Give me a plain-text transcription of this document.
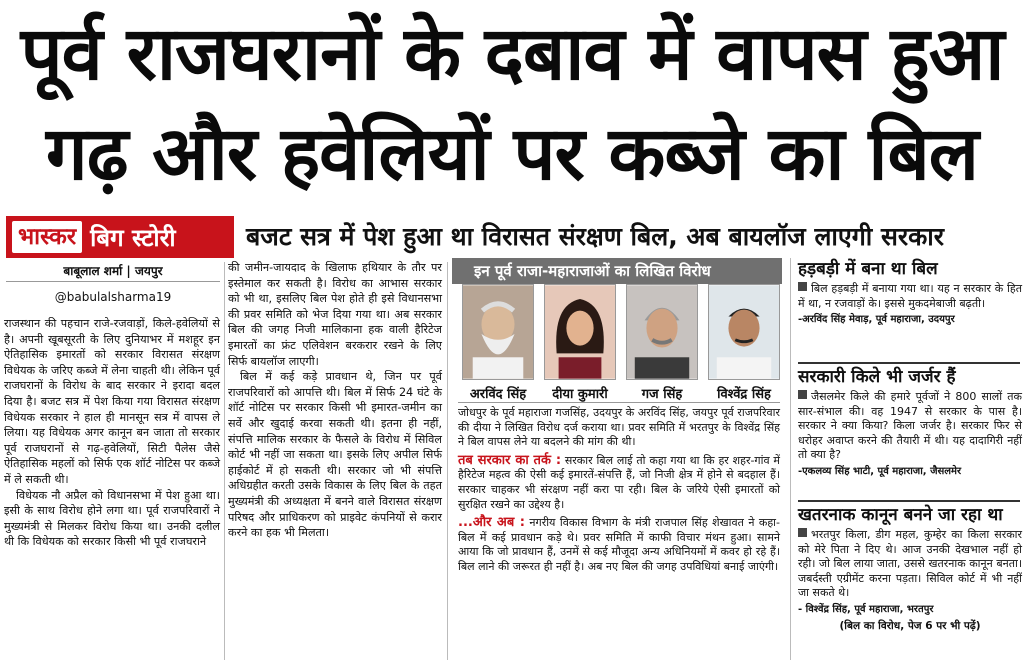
पूर्व राजघरानों के दबाव में वापस हुआ
गढ़ और हवेलियों पर कब्जे का बिल
भास्कर बिग स्टोरी	बजट सत्र में पेश हुआ था विरासत संरक्षण बिल, अब बायलॉज लाएगी सरकार
बाबूलाल शर्मा | जयपुर
@babulalsharma19

राजस्थान की पहचान राजे-रजवाड़ों, किले-हवेलियों से है। अपनी खूबसूरती के लिए दुनियाभर में मशहूर इन ऐतिहासिक इमारतों को सरकार विरासत संरक्षण विधेयक के जरिए कब्जे में लेना चाहती थी। लेकिन पूर्व राजघरानों के विरोध के बाद सरकार ने इरादा बदल दिया है। बजट सत्र में पेश किया गया विरासत संरक्षण विधेयक सरकार ने हाल ही मानसून सत्र में वापस ले लिया। यह विधेयक अगर कानून बन जाता तो सरकार पूर्व राजघरानों से गढ़-हवेलियों, सिटी पैलेस जैसे ऐतिहासिक महलों को सिर्फ एक शॉर्ट नोटिस पर कब्जे में ले सकती थी।

विधेयक नौ अप्रैल को विधानसभा में पेश हुआ था। इसी के साथ विरोध होने लगा था। पूर्व राजपरिवारों ने मुख्यमंत्री से मिलकर विरोध किया था। उनकी दलील थी कि विधेयक को सरकार किसी भी पूर्व राजघराने

की जमीन-जायदाद के खिलाफ हथियार के तौर पर इस्तेमाल कर सकती है। विरोध का आभास सरकार को भी था, इसलिए बिल पेश होते ही इसे विधानसभा की प्रवर समिति को भेज दिया गया था। अब सरकार बिल की जगह निजी मालिकाना हक वाली हैरिटेज इमारतों का फ्रंट एलिवेशन बरकरार रखने के लिए सिर्फ बायलॉज लाएगी।

बिल में कई कड़े प्रावधान थे, जिन पर पूर्व राजपरिवारों को आपत्ति थी। बिल में सिर्फ 24 घंटे के शॉर्ट नोटिस पर सरकार किसी भी इमारत-जमीन का सर्वे और खुदाई करवा सकती थी। इतना ही नहीं, संपत्ति मालिक सरकार के फैसले के विरोध में सिविल कोर्ट भी नहीं जा सकता था। इसके लिए अपील सिर्फ हाईकोर्ट में हो सकती थी। सरकार जो भी संपत्ति अधिग्रहीत करती उसके विकास के लिए बिल के तहत मुख्यमंत्री की अध्यक्षता में बनने वाले विरासत संरक्षण परिषद और प्राधिकरण को प्राइवेट कंपनियों से करार करने का हक भी मिलता।

इन पूर्व राजा-महाराजाओं का लिखित विरोध
अरविंद सिंह	दीया कुमारी	गज सिंह	विश्वेंद्र सिंह

जोधपुर के पूर्व महाराजा गजसिंह, उदयपुर के अरविंद सिंह, जयपुर पूर्व राजपरिवार की दीया ने लिखित विरोध दर्ज कराया था। प्रवर समिति में भरतपुर के विश्वेंद्र सिंह ने बिल वापस लेने या बदलने की मांग की थी।

तब सरकार का तर्क : सरकार बिल लाई तो कहा गया था कि हर शहर-गांव में हैरिटेज महत्व की ऐसी कई इमारतें-संपत्ति हैं, जो निजी क्षेत्र में होने से बदहाल हैं। सरकार चाहकर भी संरक्षण नहीं करा पा रही। बिल के जरिये ऐसी इमारतों को सुरक्षित रखने का उद्देश्य है।

...और अब : नगरीय विकास विभाग के मंत्री राजपाल सिंह शेखावत ने कहा-बिल में कई प्रावधान कड़े थे। प्रवर समिति में काफी विचार मंथन हुआ। सामने आया कि जो प्रावधान हैं, उनमें से कई मौजूदा अन्य अधिनियमों में कवर हो रहे हैं। बिल लाने की जरूरत ही नहीं है। अब नए बिल की जगह उपविधियां बनाई जाएंगी।

हड़बड़ी में बना था बिल

बिल हड़बड़ी में बनाया गया था। यह न सरकार के हित में था, न रजवाड़ों के। इससे मुकदमेबाजी बढ़ती।

-अरविंद सिंह मेवाड़, पूर्व महाराजा, उदयपुर

सरकारी किले भी जर्जर हैं

जैसलमेर किले की हमारे पूर्वजों ने 800 सालों तक सार-संभाल की। वह 1947 से सरकार के पास है। सरकार ने क्या किया? किला जर्जर है। सरकार फिर से धरोहर अवाप्त करने की तैयारी में थी। यह दादागिरी नहीं तो क्या है?

-एकलव्य सिंह भाटी, पूर्व महाराजा, जैसलमेर

खतरनाक कानून बनने जा रहा था

भरतपुर किला, डीग महल, कुम्हेर का किला सरकार को मेरे पिता ने दिए थे। आज उनकी देखभाल नहीं हो रही। जो बिल लाया जाता, उससे खतरनाक कानून बनता। जबर्दस्ती एग्रीमेंट करना पड़ता। सिविल कोर्ट में भी नहीं जा सकते थे।

- विश्वेंद्र सिंह, पूर्व महाराजा, भरतपुर

(बिल का विरोध, पेज 6 पर भी पढ़ें)
